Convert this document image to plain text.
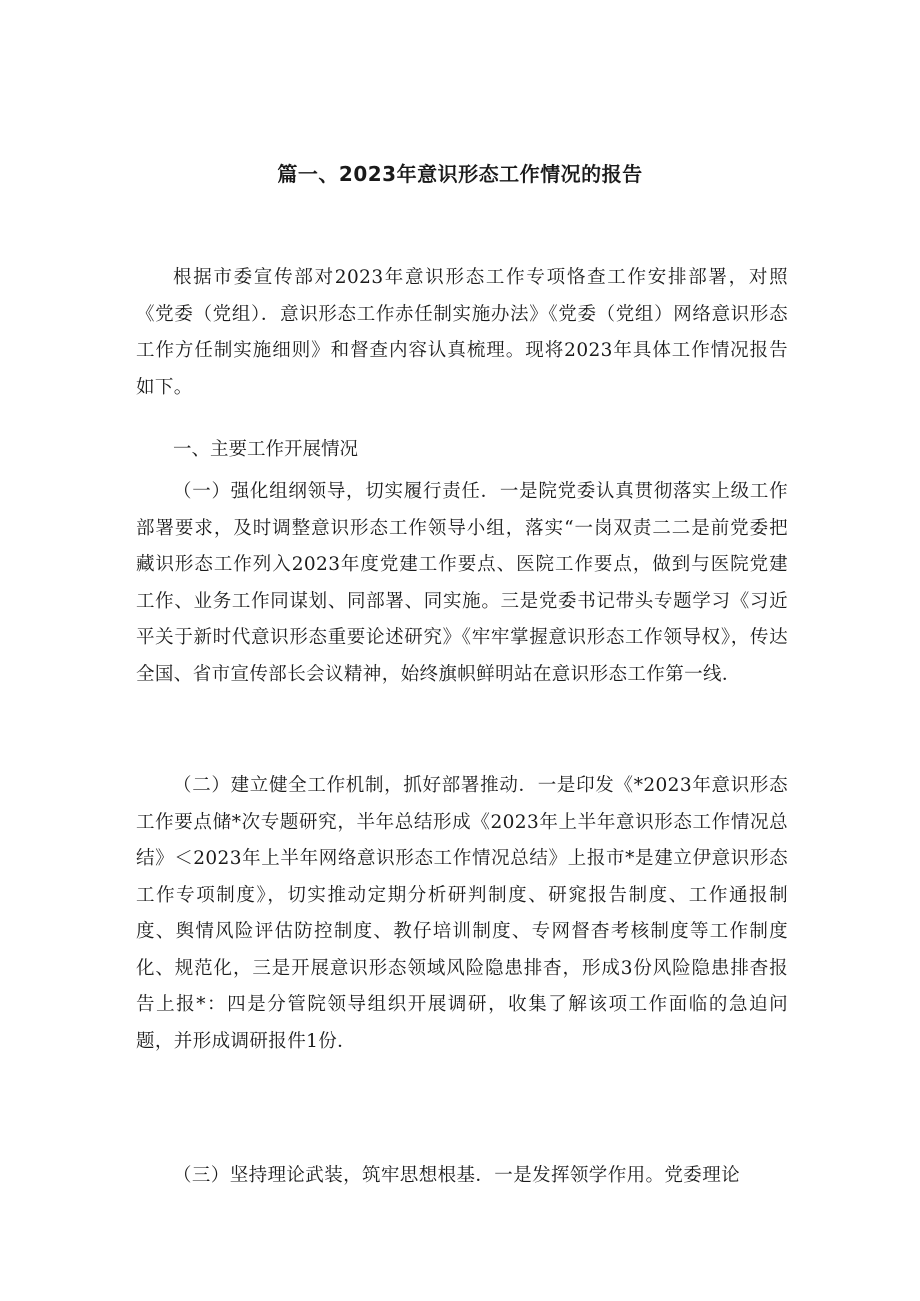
篇一、2023年意识形态工作情况的报告

根据市委宣传部对2023年意识形态工作专项恪查工作安排部署，对照《党委（党组）．意识形态工作赤任制实施办法》《党委（党组）网络意识形态工作方任制实施细则》和督查内容认真梳理。现将2023年具体工作情况报告如下。

一、主要工作开展情况

（一）强化组纲领导，切实履行责任．一是院党委认真贯彻落实上级工作部署要求，及时调整意识形态工作领导小组，落实“一岗双责二二是前党委把藏识形态工作列入2023年度党建工作要点、医院工作要点，做到与医院党建工作、业务工作同谋划、同部署、同实施。三是党委书记带头专题学习《习近平关于新时代意识形态重要论述研究》《牢牢掌握意识形态工作领导权》，传达全国、省市宣传部长会议精神，始终旗帜鲜明站在意识形态工作第一线．

（二）建立健全工作机制，抓好部署推动．一是印发《*2023年意识形态工作要点储*次专题研究，半年总结形成《2023年上半年意识形态工作情况总结》＜2023年上半年网络意识形态工作情况总结》上报市*是建立伊意识形态工作专项制度》，切实推动定期分析研判制度、研窕报告制度、工作通报制度、舆情风险评估防控制度、教仔培训制度、专网督杳考核制度等工作制度化、规范化，三是开展意识形态领域风险隐患排杳，形成3份风险隐患排杳报告上报*：四是分管院领导组织开展调研，收集了解该项工作面临的急迫问题，并形成调研报件1份．

（三）坚持理论武装，筑牢思想根基．一是发挥领学作用。党委理论
